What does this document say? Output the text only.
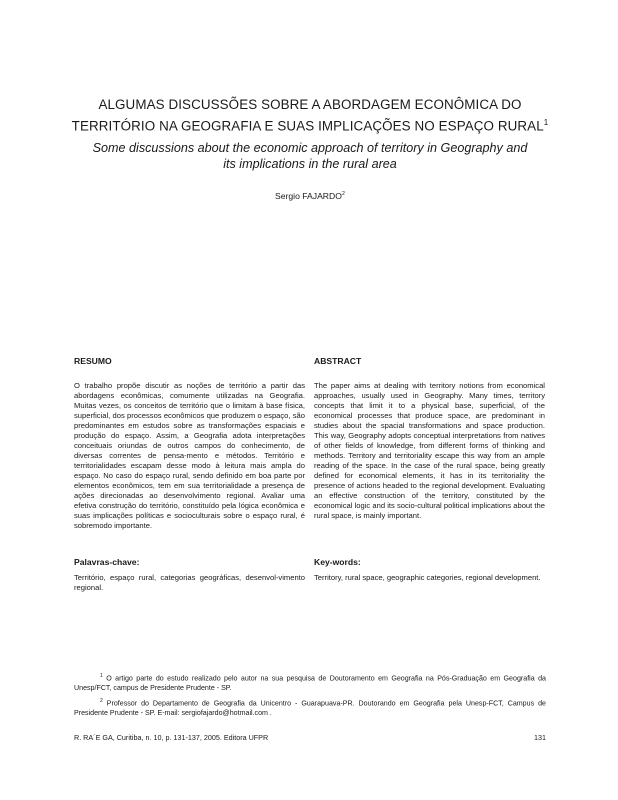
ALGUMAS DISCUSSÕES SOBRE A ABORDAGEM ECONÔMICA DO
TERRITÓRIO NA GEOGRAFIA E SUAS IMPLICAÇÕES NO ESPAÇO RURAL$^1$
Some discussions about the economic approach of territory in Geography and
its implications in the rural area
Sergio FAJARDO$^2$
RESUMO
O trabalho propõe discutir as noções de território a partir das abordagens econômicas, comumente utilizadas na Geografia. Muitas vezes, os conceitos de território que o limitam à base física, superficial, dos processos econômicos que produzem o espaço, são predominantes em estudos sobre as transformações espaciais e produção do espaço. Assim, a Geografia adota interpretações conceituais oriundas de outros campos do conhecimento, de diversas correntes de pensa-mento e métodos. Território e territorialidades escapam desse modo à leitura mais ampla do espaço. No caso do espaço rural, sendo definido em boa parte por elementos econômicos, tem em sua territorialidade a presença de ações direcionadas ao desenvolvimento regional. Avaliar uma efetiva construção do território, constituído pela lógica econômica e suas implicações políticas e socioculturais sobre o espaço rural, é sobremodo importante.
Palavras-chave:
Território, espaço rural, categorias geográficas, desenvol-vimento regional.
ABSTRACT
The paper aims at dealing with territory notions from economical approaches, usually used in Geography. Many times, territory concepts that limit it to a physical base, superficial, of the economical processes that produce space, are predominant in studies about the spacial transformations and space production. This way, Geography adopts conceptual interpretations from natives of other fields of knowledge, from different forms of thinking and methods. Territory and territoriality escape this way from an ample reading of the space. In the case of the rural space, being greatly defined for economical elements, it has in its territoriality the presence of actions headed to the regional development. Evaluating an effective construction of the territory, constituted by the economical logic and its socio-cultural political implications about the rural space, is mainly important.
Key-words:
Territory, rural space, geographic categories, regional development.

$^1$ O artigo parte do estudo realizado pelo autor na sua pesquisa de Doutoramento em Geografia na Pós-Graduação em Geografia da Unesp/FCT, campus de Presidente Prudente - SP.

$^2$ Professor do Departamento de Geografia da Unicentro - Guarapuava-PR. Doutorando em Geografia pela Unesp-FCT, Campus de Presidente Prudente - SP. E-mail: sergiofajardo@hotmail.com .

R. RA´E GA, Curitiba, n. 10, p. 131-137, 2005. Editora UFPR	131
